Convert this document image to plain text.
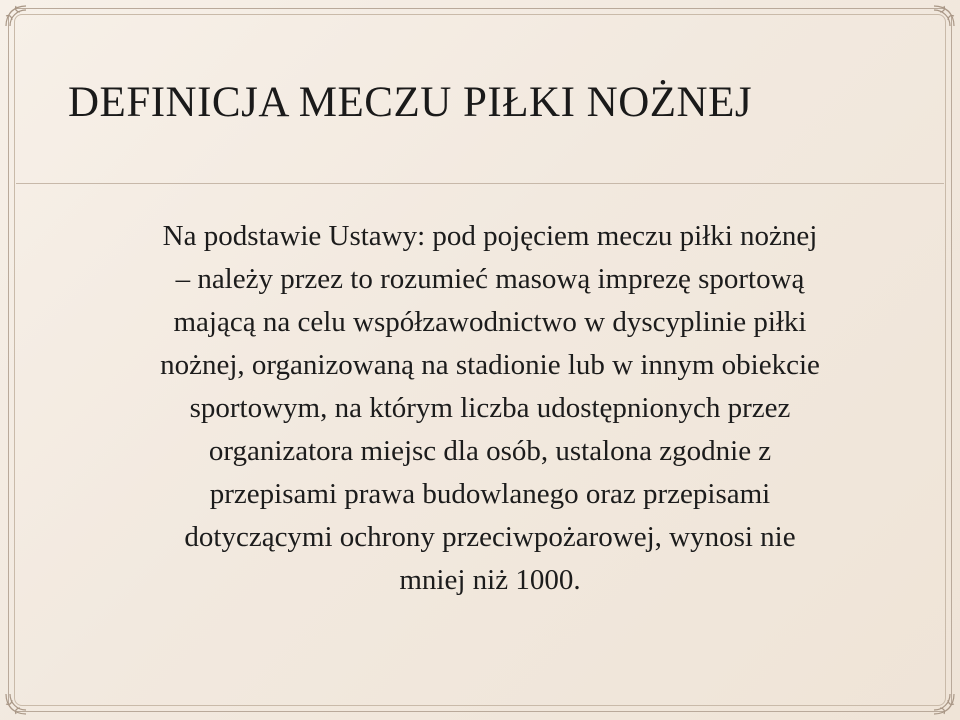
DEFINICJA MECZU PIŁKI NOŻNEJ

Na podstawie Ustawy: pod pojęciem meczu piłki nożnej
– należy przez to rozumieć masową imprezę sportową
mającą na celu współzawodnictwo w dyscyplinie piłki
nożnej, organizowaną na stadionie lub w innym obiekcie
sportowym, na którym liczba udostępnionych przez
organizatora miejsc dla osób, ustalona zgodnie z
przepisami prawa budowlanego oraz przepisami
dotyczącymi ochrony przeciwpożarowej, wynosi nie
mniej niż 1000.
